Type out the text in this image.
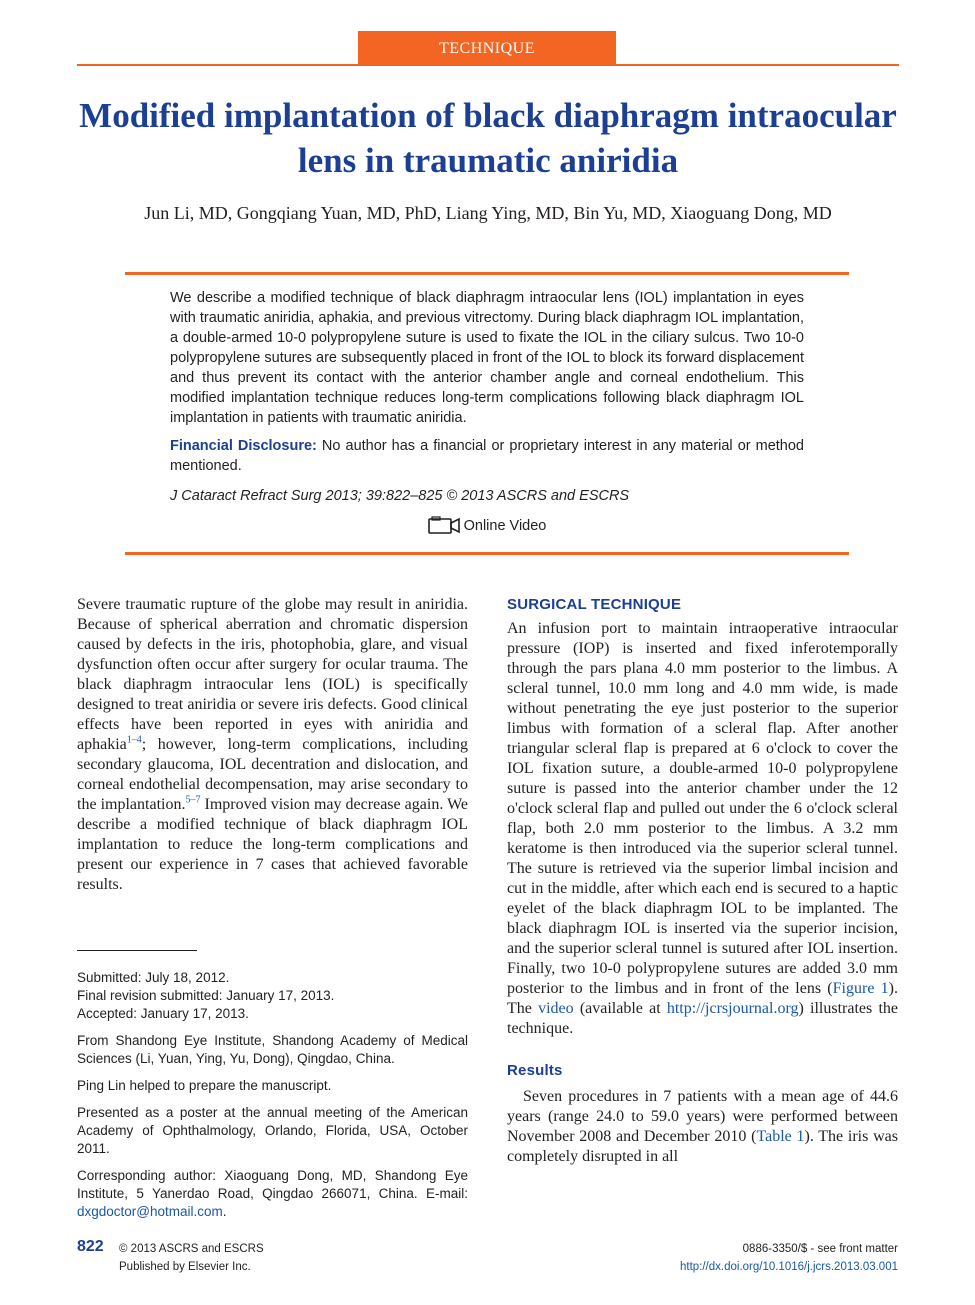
TECHNIQUE
Modified implantation of black diaphragm intraocular lens in traumatic aniridia
Jun Li, MD, Gongqiang Yuan, MD, PhD, Liang Ying, MD, Bin Yu, MD, Xiaoguang Dong, MD

We describe a modified technique of black diaphragm intraocular lens (IOL) implantation in eyes with traumatic aniridia, aphakia, and previous vitrectomy. During black diaphragm IOL implantation, a double-armed 10-0 polypropylene suture is used to fixate the IOL in the ciliary sulcus. Two 10-0 polypropylene sutures are subsequently placed in front of the IOL to block its forward displacement and thus prevent its contact with the anterior chamber angle and corneal endothelium. This modified implantation technique reduces long-term complications following black diaphragm IOL implantation in patients with traumatic aniridia.

Financial Disclosure: No author has a financial or proprietary interest in any material or method mentioned.

J Cataract Refract Surg 2013; 39:822–825 © 2013 ASCRS and ESCRS

Online Video

Severe traumatic rupture of the globe may result in aniridia. Because of spherical aberration and chromatic dispersion caused by defects in the iris, photophobia, glare, and visual dysfunction often occur after surgery for ocular trauma. The black diaphragm intraocular lens (IOL) is specifically designed to treat aniridia or severe iris defects. Good clinical effects have been reported in eyes with aniridia and aphakia$^{1-4}$; however, long-term complications, including secondary glaucoma, IOL decentration and dislocation, and corneal endothelial decompensation, may arise secondary to the implantation.$^{5-7}$ Improved vision may decrease again. We describe a modified technique of black diaphragm IOL implantation to reduce the long-term complications and present our experience in 7 cases that achieved favorable results.

Submitted: July 18, 2012.
Final revision submitted: January 17, 2013.
Accepted: January 17, 2013.

From Shandong Eye Institute, Shandong Academy of Medical Sciences (Li, Yuan, Ying, Yu, Dong), Qingdao, China.

Ping Lin helped to prepare the manuscript.

Presented as a poster at the annual meeting of the American Academy of Ophthalmology, Orlando, Florida, USA, October 2011.

Corresponding author: Xiaoguang Dong, MD, Shandong Eye Institute, 5 Yanerdao Road, Qingdao 266071, China. E-mail: dxgdoctor@hotmail.com.

SURGICAL TECHNIQUE

An infusion port to maintain intraoperative intraocular pressure (IOP) is inserted and fixed inferotemporally through the pars plana 4.0 mm posterior to the limbus. A scleral tunnel, 10.0 mm long and 4.0 mm wide, is made without penetrating the eye just posterior to the superior limbus with formation of a scleral flap. After another triangular scleral flap is prepared at 6 o'clock to cover the IOL fixation suture, a double-armed 10-0 polypropylene suture is passed into the anterior chamber under the 12 o'clock scleral flap and pulled out under the 6 o'clock scleral flap, both 2.0 mm posterior to the limbus. A 3.2 mm keratome is then introduced via the superior scleral tunnel. The suture is retrieved via the superior limbal incision and cut in the middle, after which each end is secured to a haptic eyelet of the black diaphragm IOL to be implanted. The black diaphragm IOL is inserted via the superior incision, and the superior scleral tunnel is sutured after IOL insertion. Finally, two 10-0 polypropylene sutures are added 3.0 mm posterior to the limbus and in front of the lens (Figure 1). The video (available at http://jcrsjournal.org) illustrates the technique.

Results

Seven procedures in 7 patients with a mean age of 44.6 years (range 24.0 to 59.0 years) were performed between November 2008 and December 2010 (Table 1). The iris was completely disrupted in all

822 © 2013 ASCRS and ESCRS
Published by Elsevier Inc.
0886-3350/$ - see front matter
http://dx.doi.org/10.1016/j.jcrs.2013.03.001
